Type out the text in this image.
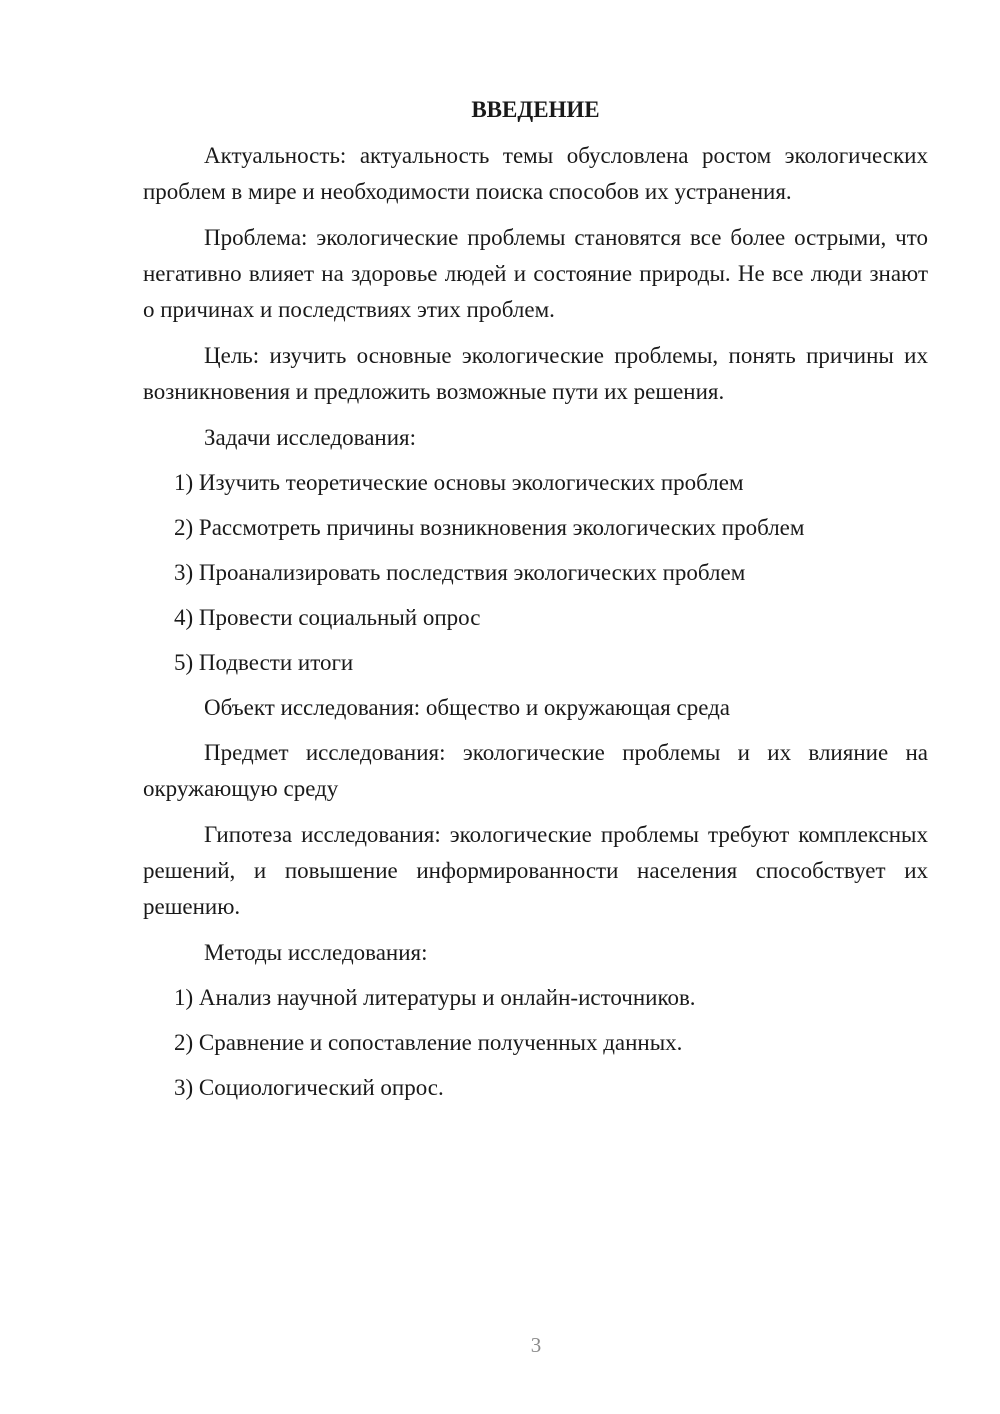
ВВЕДЕНИЕ

Актуальность: актуальность темы обусловлена ростом экологических проблем в мире и необходимости поиска способов их устранения.

Проблема: экологические проблемы становятся все более острыми, что негативно влияет на здоровье людей и состояние природы. Не все люди знают о причинах и последствиях этих проблем.

Цель: изучить основные экологические проблемы, понять причины их возникновения и предложить возможные пути их решения.

Задачи исследования:
1) Изучить теоретические основы экологических проблем
2) Рассмотреть причины возникновения экологических проблем
3) Проанализировать последствия экологических проблем
4) Провести социальный опрос
5) Подвести итоги
Объект исследования: общество и окружающая среда

Предмет исследования: экологические проблемы и их влияние на окружающую среду

Гипотеза исследования: экологические проблемы требуют комплексных решений, и повышение информированности населения способствует их решению.

Методы исследования:
1) Анализ научной литературы и онлайн-источников.
2) Сравнение и сопоставление полученных данных.
3) Социологический опрос.
3
